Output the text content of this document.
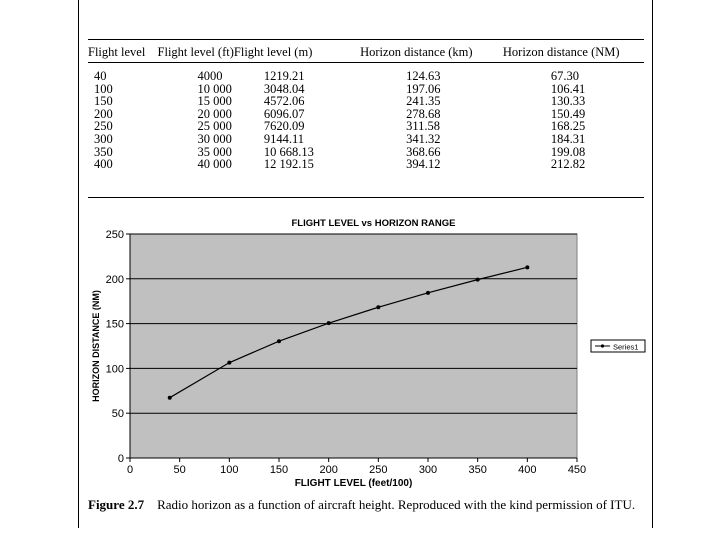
Flight level	Flight level (ft)	Flight level (m)	Horizon distance (km)	Horizon distance (NM)
40	4000	1219.21	124.63	67.30
100	10 000	3048.04	197.06	106.41
150	15 000	4572.06	241.35	130.33
200	20 000	6096.07	278.68	150.49
250	25 000	7620.09	311.58	168.25
300	30 000	9144.11	341.32	184.31
350	35 000	10 668.13	368.66	199.08
400	40 000	12 192.15	394.12	212.82
0
50
100
150
200
250
0	50	100	150	200	250	300	350	400	450
FLIGHT LEVEL vs HORIZON RANGE
FLIGHT LEVEL (feet/100)
HORIZON DISTANCE (NM)	Series1
Figure 2.7 Radio horizon as a function of aircraft height. Reproduced with the kind permission of ITU.
